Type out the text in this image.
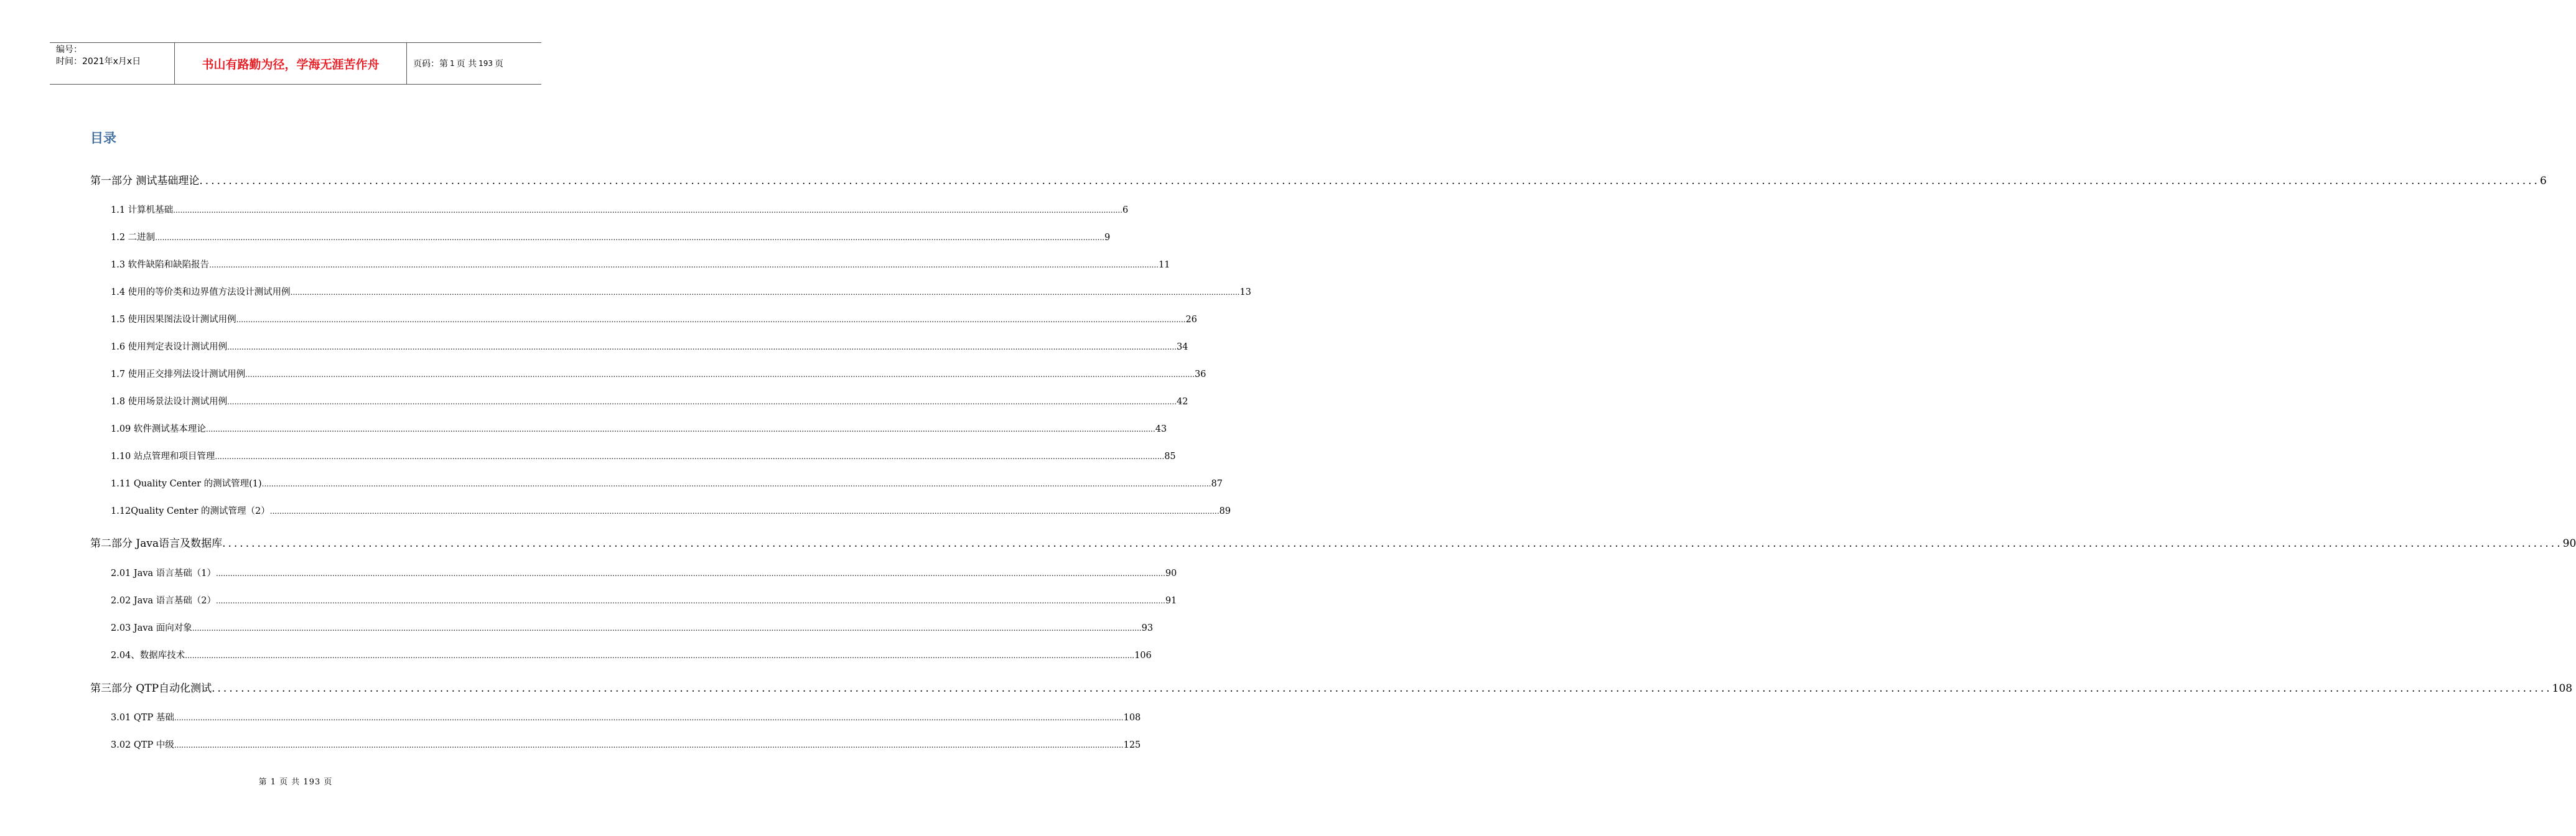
编号：
时间：2021年x月x日	书山有路勤为径，学海无涯苦作舟	页码：第 1 页 共 193 页
目录
第一部分 测试基础理论 ................................................................................................................................................................................................................................................................................................................................................................................................................ 6
1.1 计算机基础 ................................................................................................................................................................................................................................................................................................................................................................................................................ 6
1.2 二进制 ................................................................................................................................................................................................................................................................................................................................................................................................................ 9
1.3 软件缺陷和缺陷报告 ................................................................................................................................................................................................................................................................................................................................................................................................................ 11
1.4 使用的等价类和边界值方法设计测试用例 ................................................................................................................................................................................................................................................................................................................................................................................................................ 13
1.5 使用因果图法设计测试用例 ................................................................................................................................................................................................................................................................................................................................................................................................................ 26
1.6 使用判定表设计测试用例 ................................................................................................................................................................................................................................................................................................................................................................................................................ 34
1.7 使用正交排列法设计测试用例 ................................................................................................................................................................................................................................................................................................................................................................................................................ 36
1.8 使用场景法设计测试用例 ................................................................................................................................................................................................................................................................................................................................................................................................................ 42
1.09 软件测试基本理论 ................................................................................................................................................................................................................................................................................................................................................................................................................ 43
1.10 站点管理和项目管理 ................................................................................................................................................................................................................................................................................................................................................................................................................ 85
1.11 Quality Center 的测试管理(1) ................................................................................................................................................................................................................................................................................................................................................................................................................ 87
1.12Quality Center 的测试管理（2） ................................................................................................................................................................................................................................................................................................................................................................................................................ 89
第二部分 Java语言及数据库 ................................................................................................................................................................................................................................................................................................................................................................................................................ 90
2.01 Java 语言基础（1） ................................................................................................................................................................................................................................................................................................................................................................................................................ 90
2.02 Java 语言基础（2） ................................................................................................................................................................................................................................................................................................................................................................................................................ 91
2.03 Java 面向对象 ................................................................................................................................................................................................................................................................................................................................................................................................................ 93
2.04、数据库技术 ................................................................................................................................................................................................................................................................................................................................................................................................................ 106
第三部分 QTP自动化测试 ................................................................................................................................................................................................................................................................................................................................................................................................................ 108
3.01 QTP 基础 ................................................................................................................................................................................................................................................................................................................................................................................................................ 108
3.02 QTP 中级 ................................................................................................................................................................................................................................................................................................................................................................................................................ 125
第 1 页 共 193 页
